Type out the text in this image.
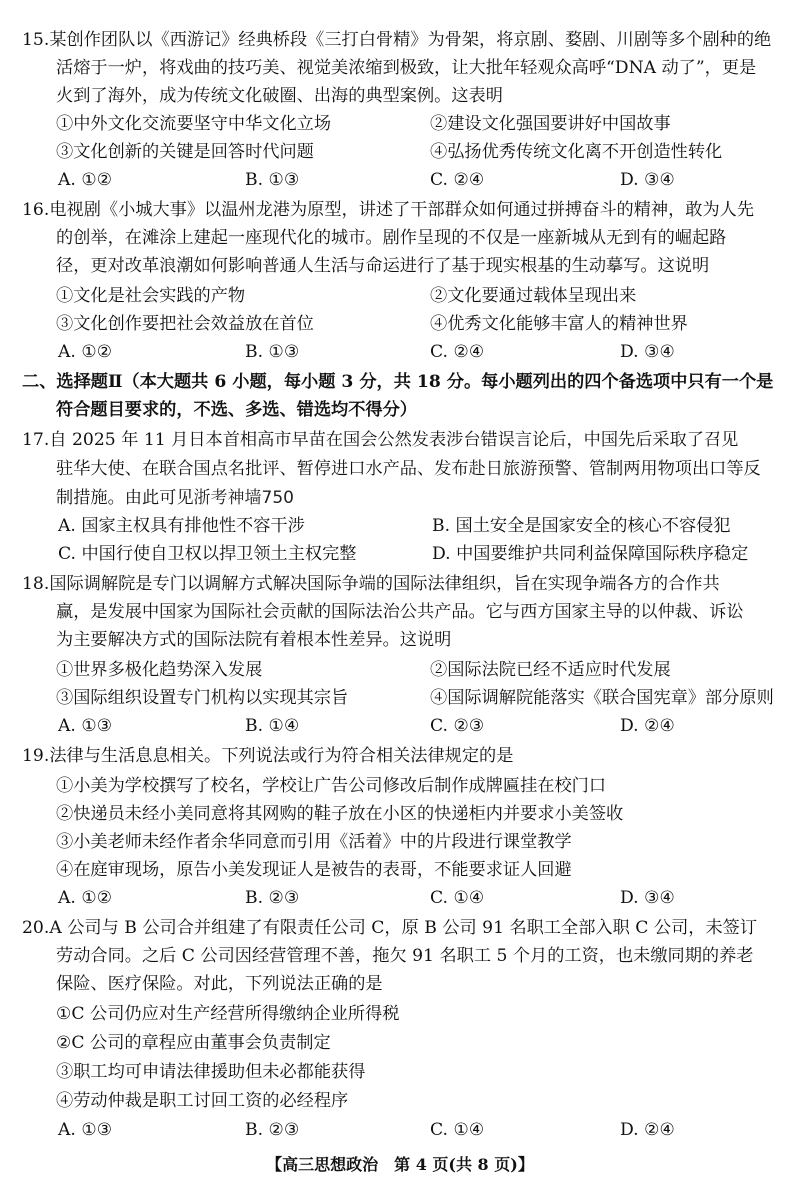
15.某创作团队以《西游记》经典桥段《三打白骨精》为骨架，将京剧、婺剧、川剧等多个剧种的绝
活熔于一炉，将戏曲的技巧美、视觉美浓缩到极致，让大批年轻观众高呼“DNA 动了”，更是
火到了海外，成为传统文化破圈、出海的典型案例。这表明
①中外文化交流要坚守中华文化立场	②建设文化强国要讲好中国故事
③文化创新的关键是回答时代问题	④弘扬优秀传统文化离不开创造性转化
A. ①②	B. ①③	C. ②④	D. ③④
16.电视剧《小城大事》以温州龙港为原型，讲述了干部群众如何通过拼搏奋斗的精神，敢为人先
的创举，在滩涂上建起一座现代化的城市。剧作呈现的不仅是一座新城从无到有的崛起路
径，更对改革浪潮如何影响普通人生活与命运进行了基于现实根基的生动摹写。这说明
①文化是社会实践的产物	②文化要通过载体呈现出来
③文化创作要把社会效益放在首位	④优秀文化能够丰富人的精神世界
A. ①②	B. ①③	C. ②④	D. ③④
二、选择题Ⅱ（本大题共 6 小题，每小题 3 分，共 18 分。每小题列出的四个备选项中只有一个是
符合题目要求的，不选、多选、错选均不得分）
17.自 2025 年 11 月日本首相高市早苗在国会公然发表涉台错误言论后，中国先后采取了召见
驻华大使、在联合国点名批评、暂停进口水产品、发布赴日旅游预警、管制两用物项出口等反
制措施。由此可见浙考神墙750
A. 国家主权具有排他性不容干涉	B. 国土安全是国家安全的核心不容侵犯
C. 中国行使自卫权以捍卫领土主权完整	D. 中国要维护共同利益保障国际秩序稳定
18.国际调解院是专门以调解方式解决国际争端的国际法律组织，旨在实现争端各方的合作共
赢，是发展中国家为国际社会贡献的国际法治公共产品。它与西方国家主导的以仲裁、诉讼
为主要解决方式的国际法院有着根本性差异。这说明
①世界多极化趋势深入发展	②国际法院已经不适应时代发展
③国际组织设置专门机构以实现其宗旨	④国际调解院能落实《联合国宪章》部分原则
A. ①③	B. ①④	C. ②③	D. ②④
19.法律与生活息息相关。下列说法或行为符合相关法律规定的是
①小美为学校撰写了校名，学校让广告公司修改后制作成牌匾挂在校门口
②快递员未经小美同意将其网购的鞋子放在小区的快递柜内并要求小美签收
③小美老师未经作者余华同意而引用《活着》中的片段进行课堂教学
④在庭审现场，原告小美发现证人是被告的表哥，不能要求证人回避
A. ①②	B. ②③	C. ①④	D. ③④
20.A 公司与 B 公司合并组建了有限责任公司 C，原 B 公司 91 名职工全部入职 C 公司，未签订
劳动合同。之后 C 公司因经营管理不善，拖欠 91 名职工 5 个月的工资，也未缴同期的养老
保险、医疗保险。对此，下列说法正确的是
①C 公司仍应对生产经营所得缴纳企业所得税
②C 公司的章程应由董事会负责制定
③职工均可申请法律援助但未必都能获得
④劳动仲裁是职工讨回工资的必经程序
A. ①③	B. ②③	C. ①④	D. ②④
【高三思想政治　第 4 页(共 8 页)】
